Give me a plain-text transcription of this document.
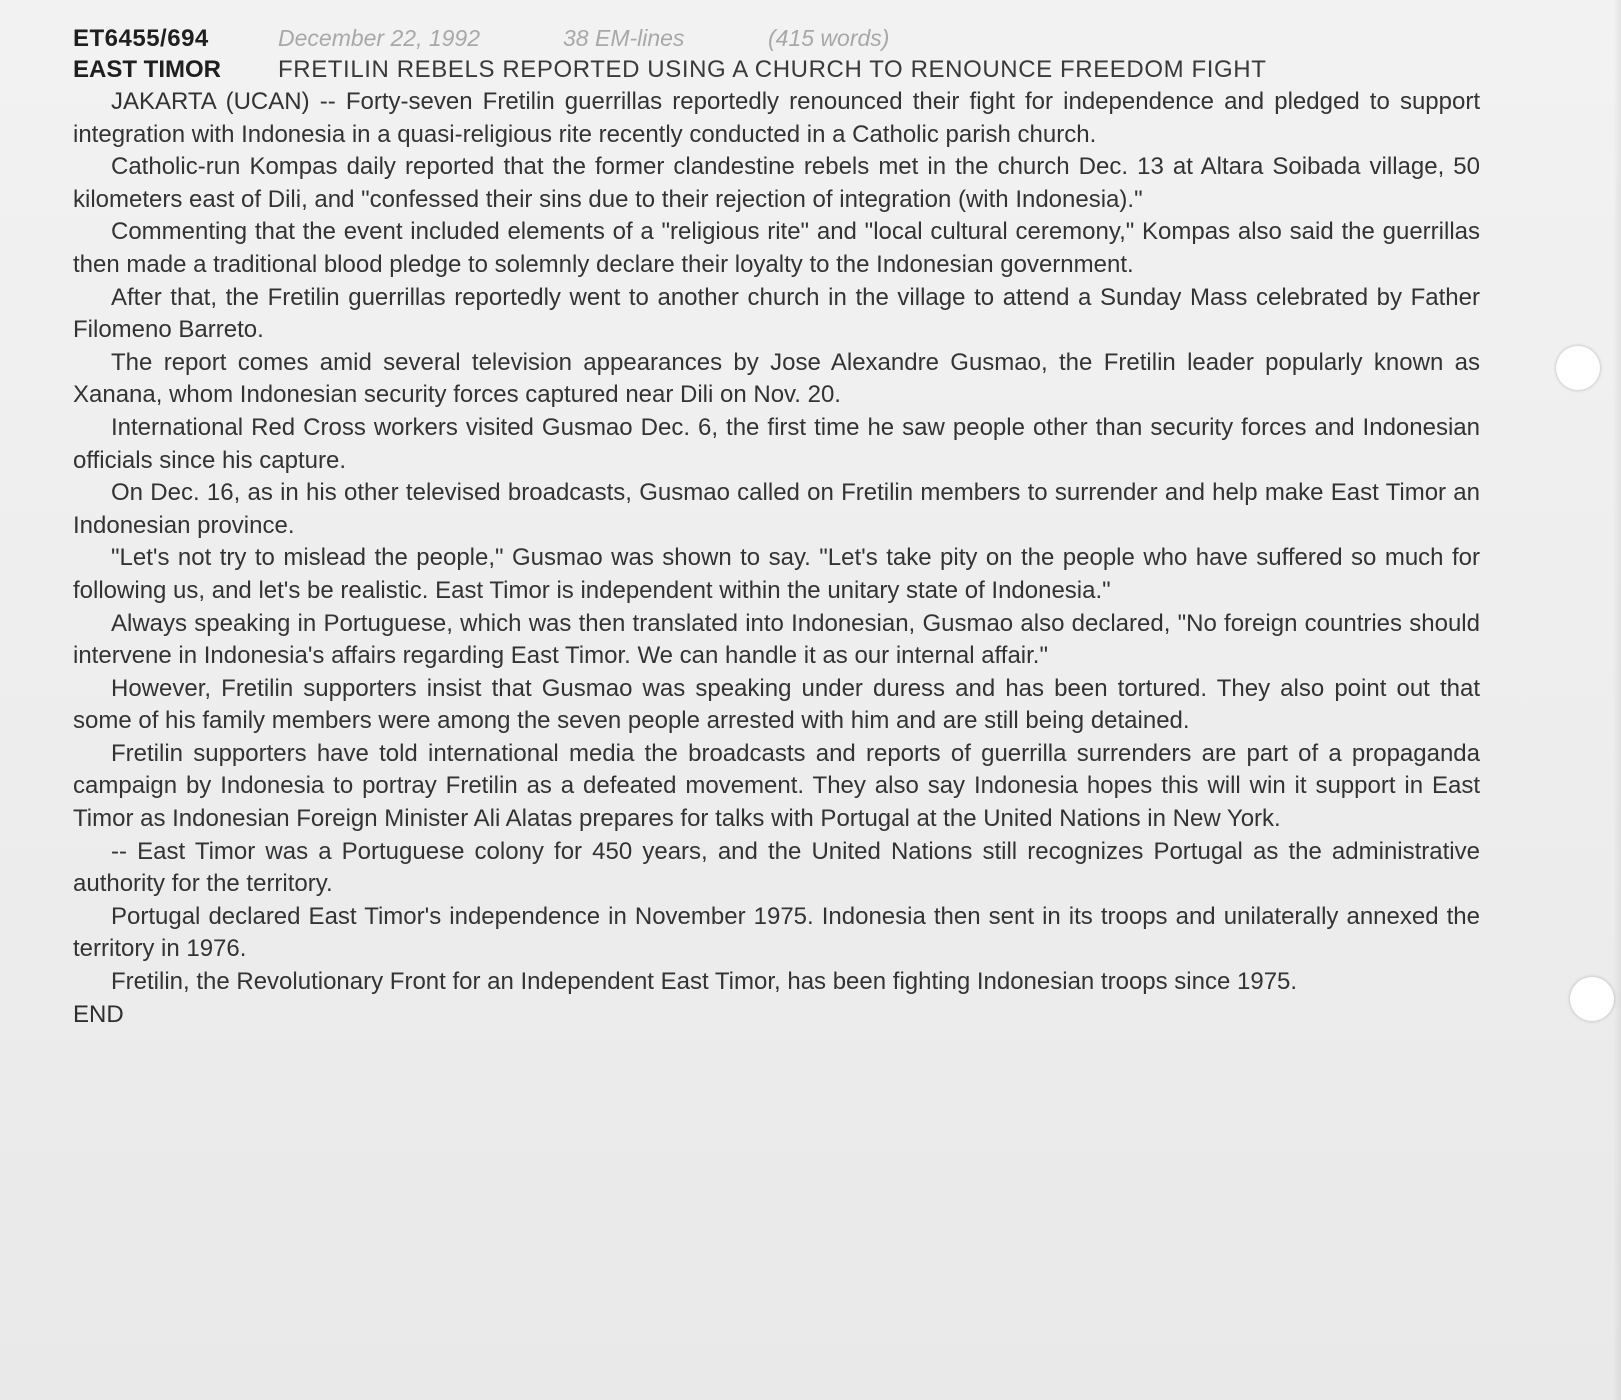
ET6455/694	December 22, 1992	38 EM-lines	(415 words)
EAST TIMOR	FRETILIN REBELS REPORTED USING A CHURCH TO RENOUNCE FREEDOM FIGHT

JAKARTA (UCAN) -- Forty-seven Fretilin guerrillas reportedly renounced their fight for independence and pledged to support integration with Indonesia in a quasi-religious rite recently conducted in a Catholic parish church.

Catholic-run Kompas daily reported that the former clandestine rebels met in the church Dec. 13 at Altara Soibada village, 50 kilometers east of Dili, and "confessed their sins due to their rejection of integration (with Indonesia)."

Commenting that the event included elements of a "religious rite" and "local cultural ceremony," Kompas also said the guerrillas then made a traditional blood pledge to solemnly declare their loyalty to the Indonesian government.

After that, the Fretilin guerrillas reportedly went to another church in the village to attend a Sunday Mass celebrated by Father Filomeno Barreto.

The report comes amid several television appearances by Jose Alexandre Gusmao, the Fretilin leader popularly known as Xanana, whom Indonesian security forces captured near Dili on Nov. 20.

International Red Cross workers visited Gusmao Dec. 6, the first time he saw people other than security forces and Indonesian officials since his capture.

On Dec. 16, as in his other televised broadcasts, Gusmao called on Fretilin members to surrender and help make East Timor an Indonesian province.

"Let's not try to mislead the people," Gusmao was shown to say. "Let's take pity on the people who have suffered so much for following us, and let's be realistic. East Timor is independent within the unitary state of Indonesia."

Always speaking in Portuguese, which was then translated into Indonesian, Gusmao also declared, "No foreign countries should intervene in Indonesia's affairs regarding East Timor. We can handle it as our internal affair."

However, Fretilin supporters insist that Gusmao was speaking under duress and has been tortured. They also point out that some of his family members were among the seven people arrested with him and are still being detained.

Fretilin supporters have told international media the broadcasts and reports of guerrilla surrenders are part of a propaganda campaign by Indonesia to portray Fretilin as a defeated movement. They also say Indonesia hopes this will win it support in East Timor as Indonesian Foreign Minister Ali Alatas prepares for talks with Portugal at the United Nations in New York.

-- East Timor was a Portuguese colony for 450 years, and the United Nations still recognizes Portugal as the administrative authority for the territory.

Portugal declared East Timor's independence in November 1975. Indonesia then sent in its troops and unilaterally annexed the territory in 1976.

Fretilin, the Revolutionary Front for an Independent East Timor, has been fighting Indonesian troops since 1975.

END
